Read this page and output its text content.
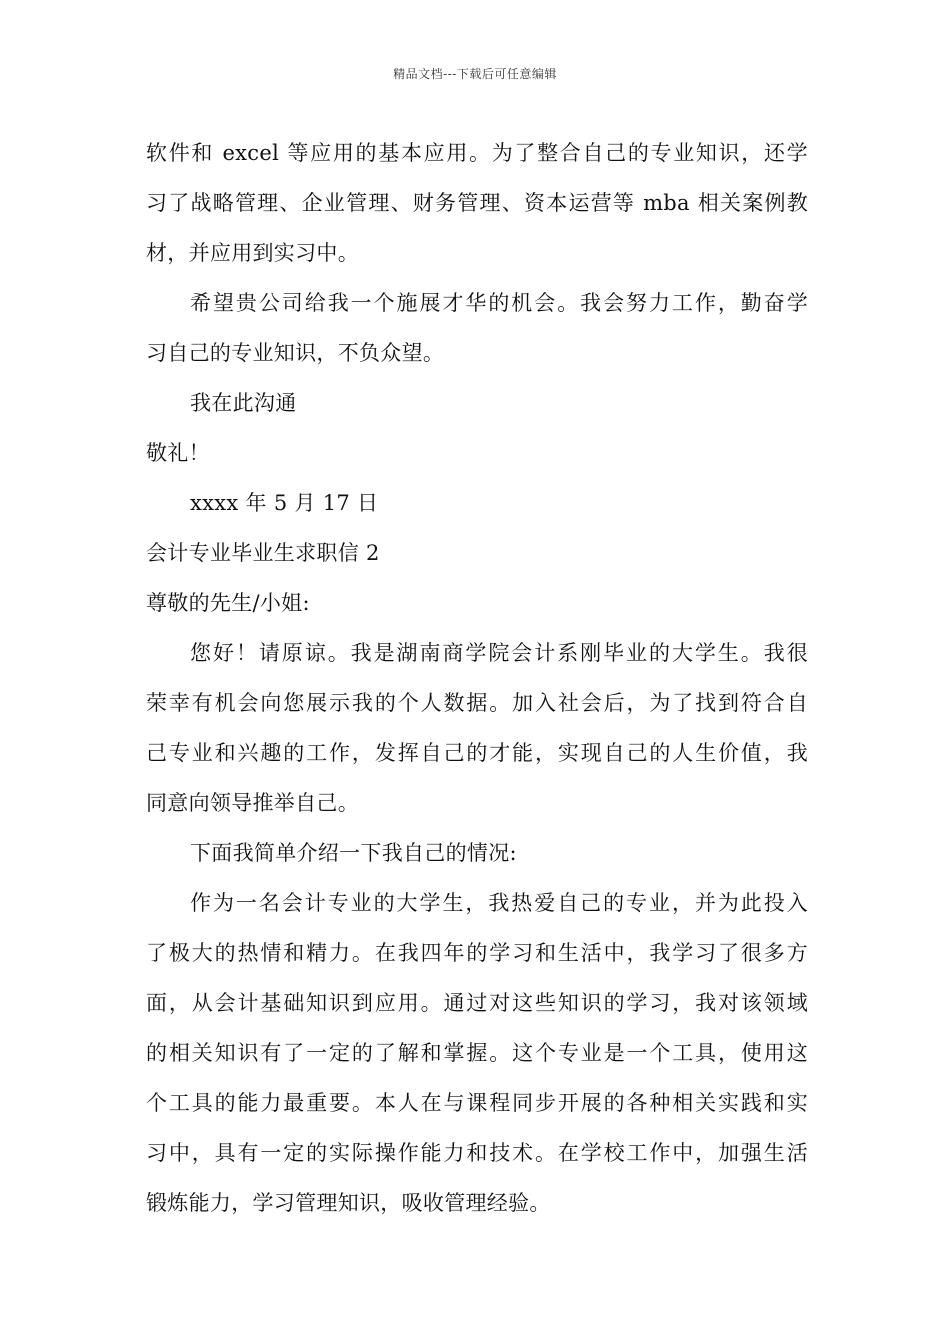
精品文档---下载后可任意编辑
软件和 excel 等应用的基本应用。为了整合自己的专业知识，还学
习了战略管理、企业管理、财务管理、资本运营等 mba 相关案例教
材，并应用到实习中。
希望贵公司给我一个施展才华的机会。我会努力工作，勤奋学
习自己的专业知识，不负众望。
我在此沟通
敬礼！
xxxx 年 5 月 17 日
会计专业毕业生求职信 2
尊敬的先生/小姐:
您好！请原谅。我是湖南商学院会计系刚毕业的大学生。我很
荣幸有机会向您展示我的个人数据。加入社会后，为了找到符合自
己专业和兴趣的工作，发挥自己的才能，实现自己的人生价值，我
同意向领导推举自己。
下面我简单介绍一下我自己的情况:
作为一名会计专业的大学生，我热爱自己的专业，并为此投入
了极大的热情和精力。在我四年的学习和生活中，我学习了很多方
面，从会计基础知识到应用。通过对这些知识的学习，我对该领域
的相关知识有了一定的了解和掌握。这个专业是一个工具，使用这
个工具的能力最重要。本人在与课程同步开展的各种相关实践和实
习中，具有一定的实际操作能力和技术。在学校工作中，加强生活
锻炼能力，学习管理知识，吸收管理经验。
